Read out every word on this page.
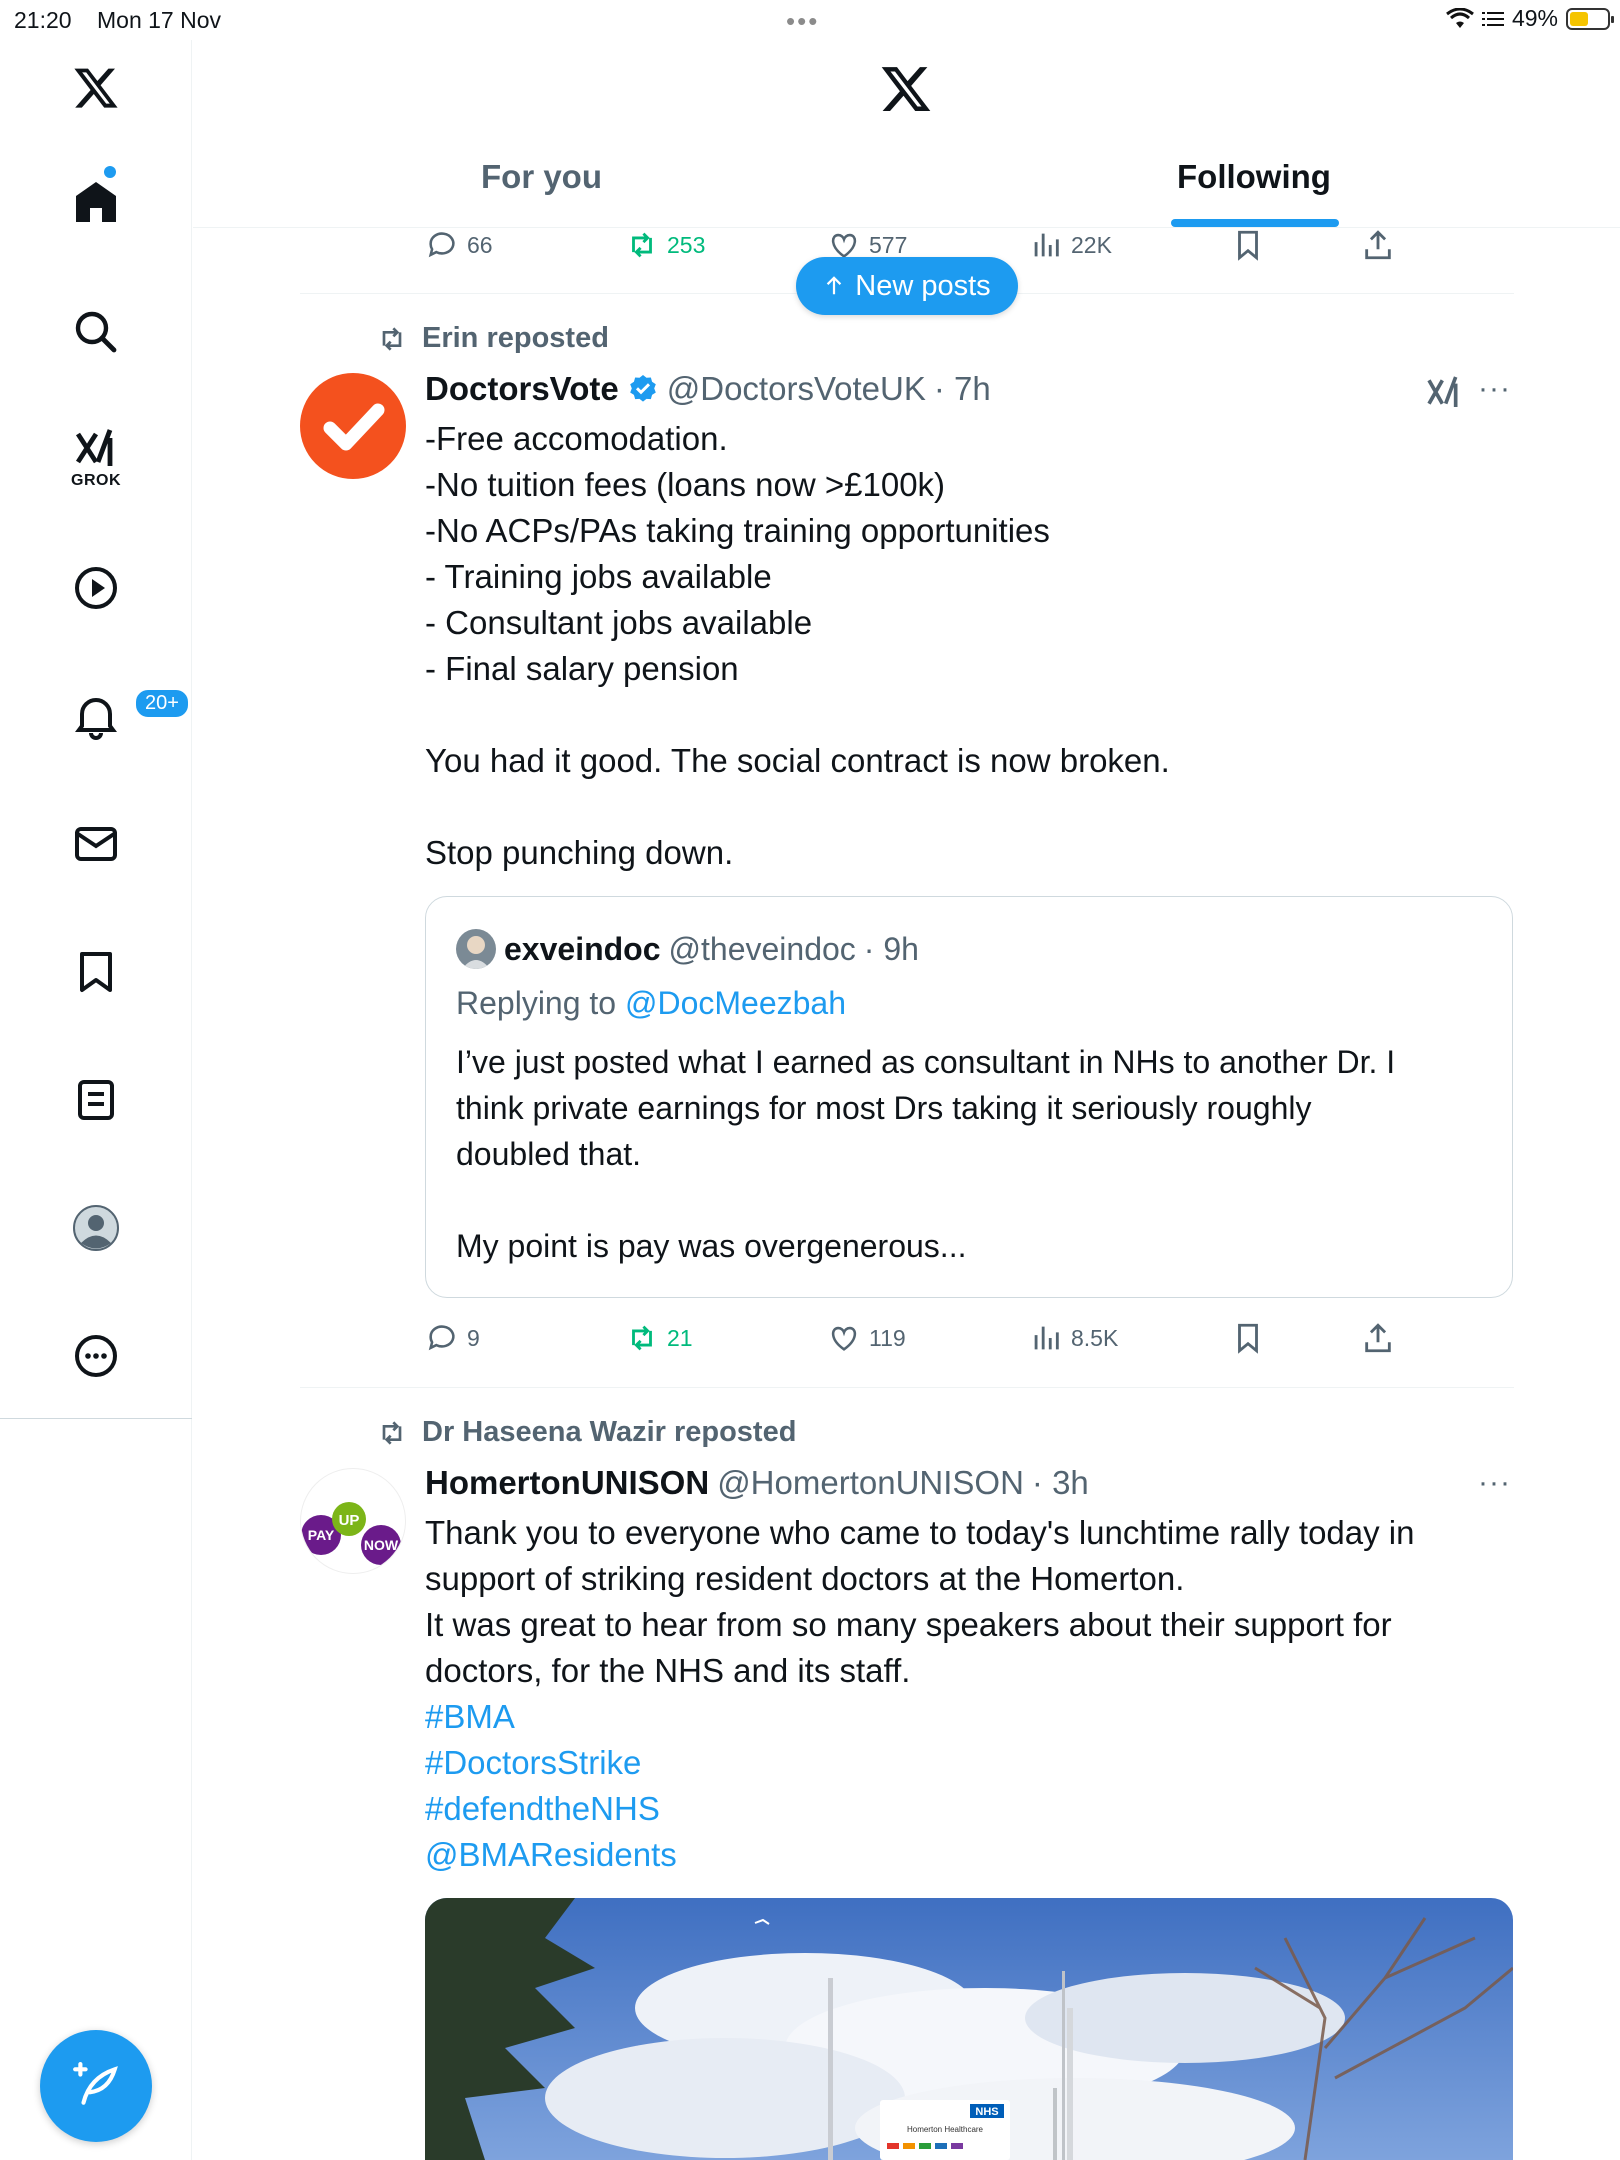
21:20 Mon 17 Nov	•••	49%
GROK
20+
For you	Following
New posts
66	253	577	22K
Erin reposted
DoctorsVote @DoctorsVoteUK · 7h	···
-Free accomodation.
-No tuition fees (loans now >£100k)
-No ACPs/PAs taking training opportunities
- Training jobs available
- Consultant jobs available
- Final salary pension
You had it good. The social contract is now broken.
Stop punching down.
exveindoc @theveindoc · 9h
Replying to @DocMeezbah
I’ve just posted what I earned as consultant in NHs to another Dr. I
think private earnings for most Drs taking it seriously roughly
doubled that.
My point is pay was overgenerous...
9	21	119	8.5K
Dr Haseena Wazir reposted
PAY
UP
NOW
HomertonUNISON @HomertonUNISON · 3h	···
Thank you to everyone who came to today's lunchtime rally today in
support of striking resident doctors at the Homerton.
It was great to hear from so many speakers about their support for
doctors, for the NHS and its staff.
#BMA
#DoctorsStrike
#defendtheNHS
@BMAResidents
NHS
Homerton Healthcare
